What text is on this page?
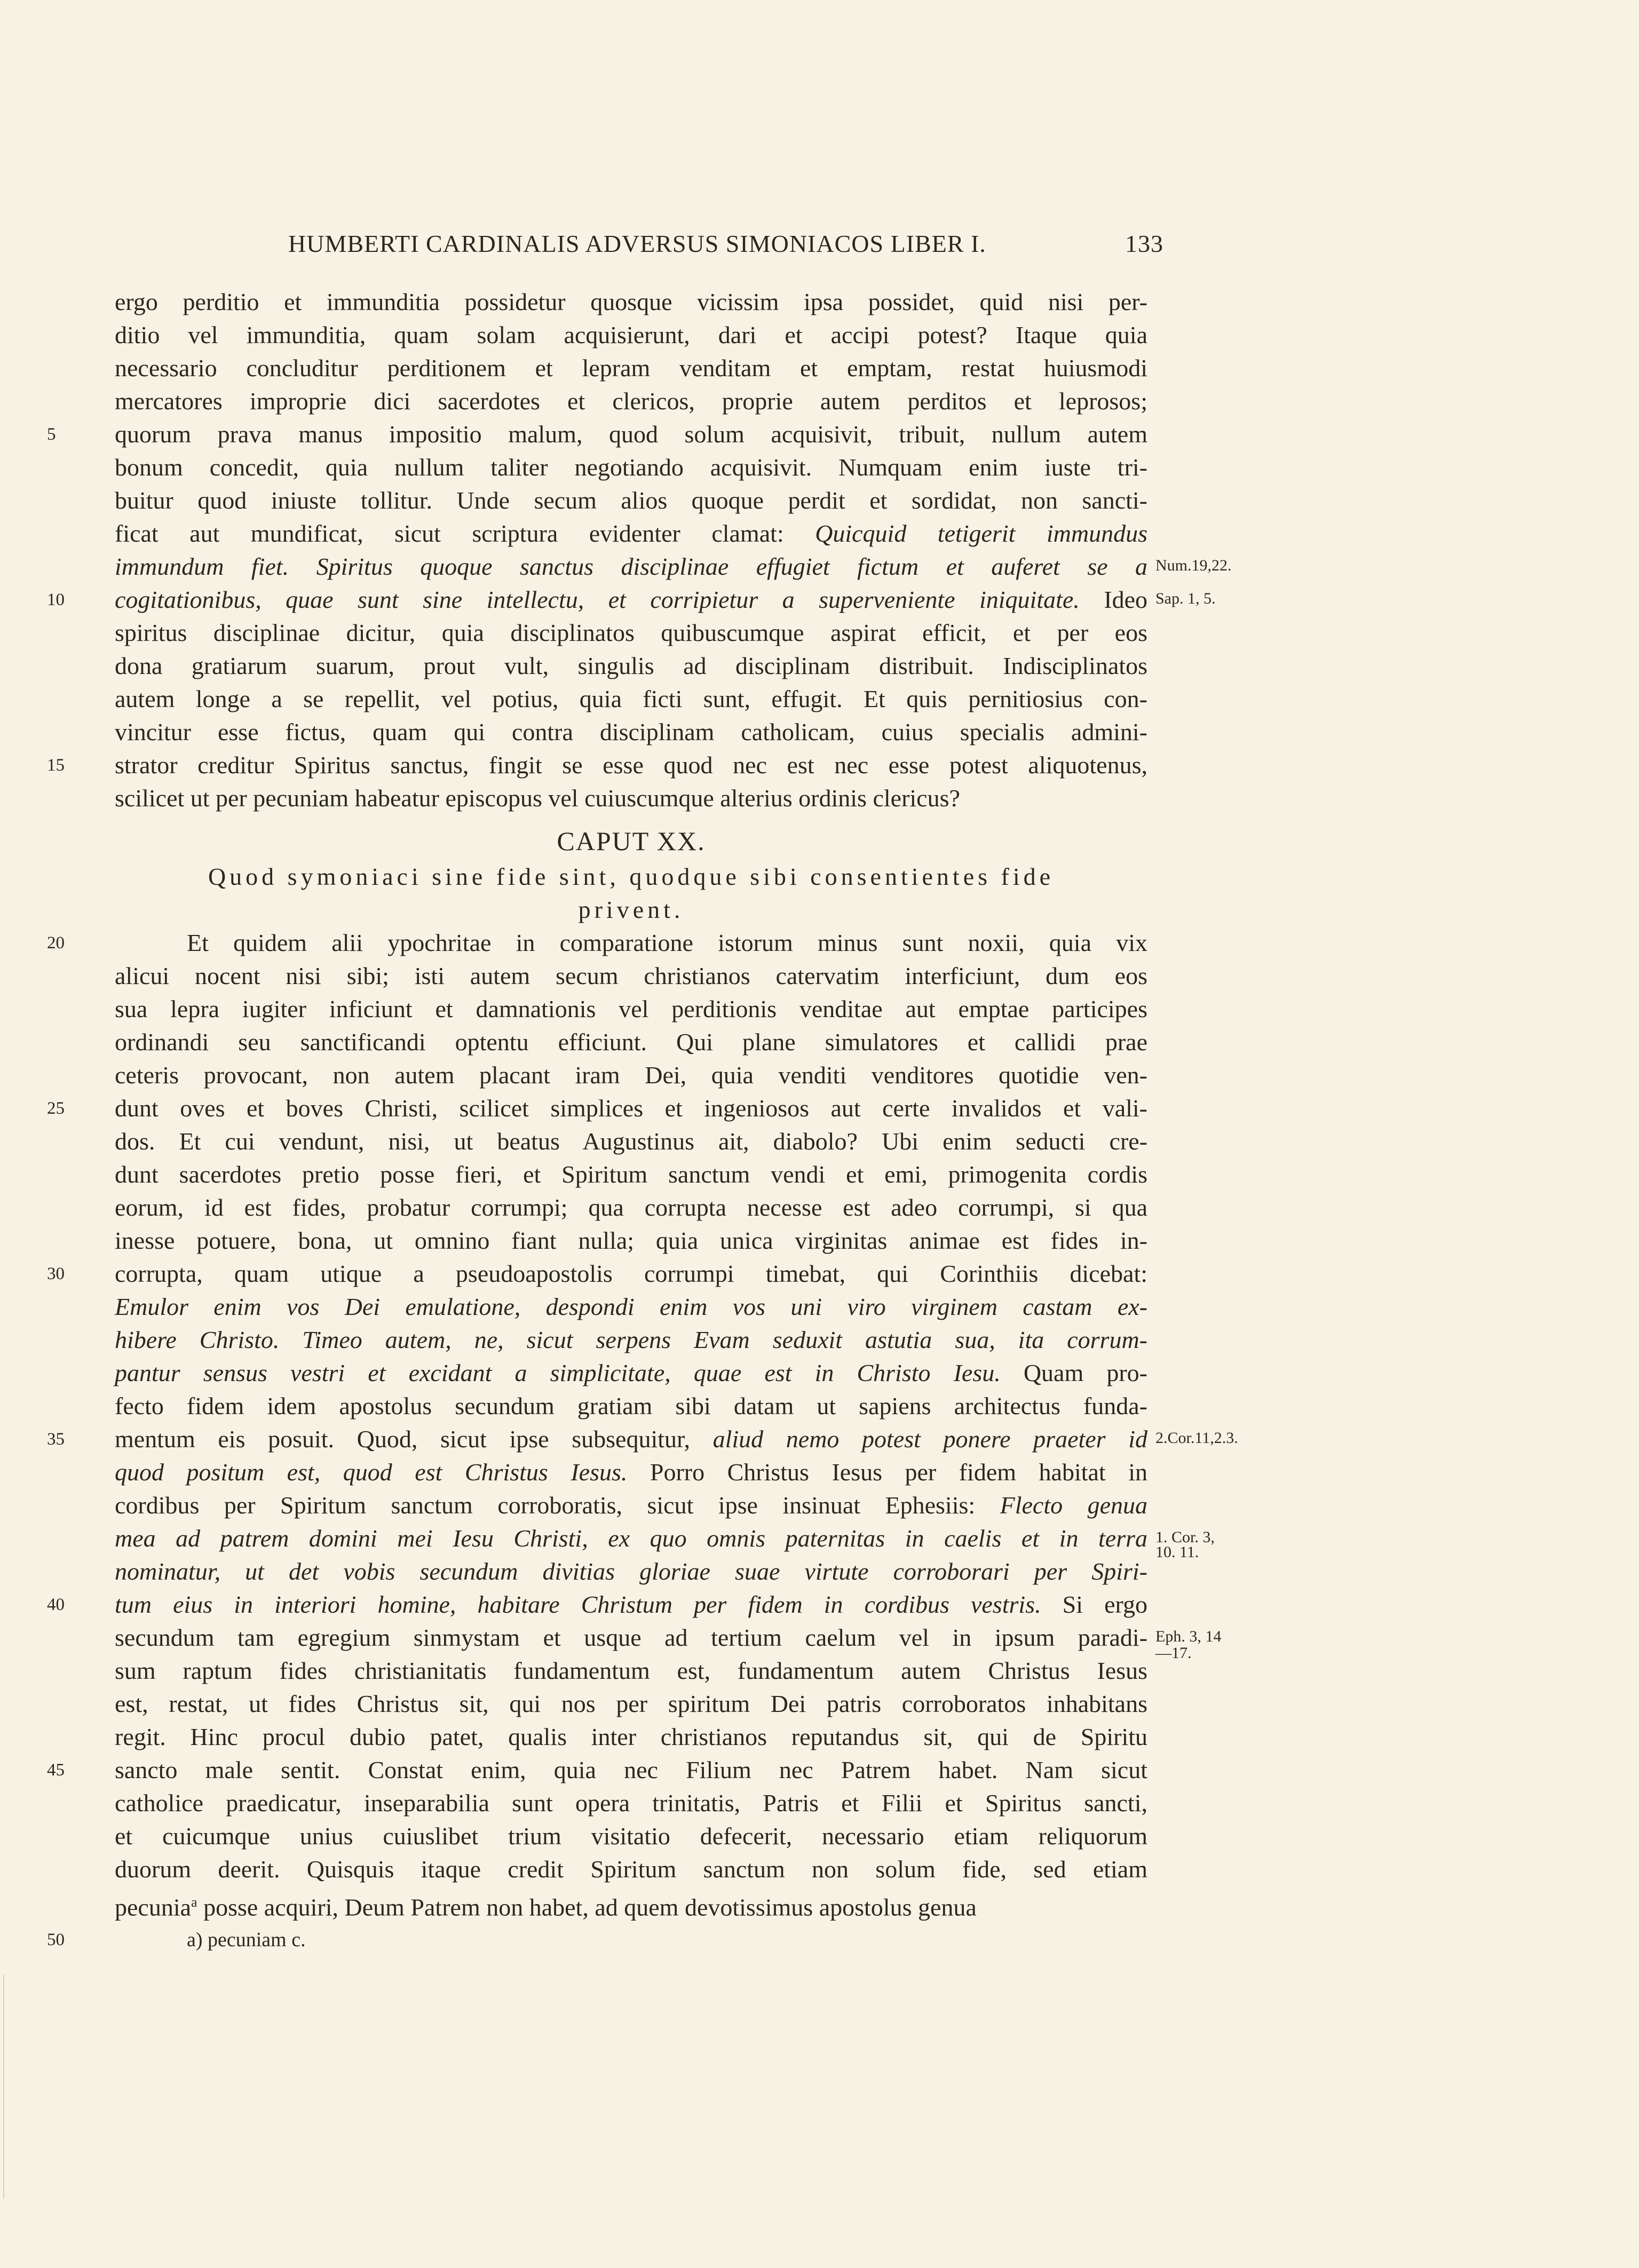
HUMBERTI CARDINALIS ADVERSUS SIMONIACOS LIBER I.	133
ergo perditio et immunditia possidetur quosque vicissim ipsa possidet, quid nisi per-
ditio vel immunditia, quam solam acquisierunt, dari et accipi potest? Itaque quia
necessario concluditur perditionem et lepram venditam et emptam, restat huiusmodi
mercatores improprie dici sacerdotes et clericos, proprie autem perditos et leprosos;
quorum prava manus impositio malum, quod solum acquisivit, tribuit, nullum autem
5
bonum concedit, quia nullum taliter negotiando acquisivit. Numquam enim iuste tri-
buitur quod iniuste tollitur. Unde secum alios quoque perdit et sordidat, non sancti-
ficat aut mundificat, sicut scriptura evidenter clamat: Quicquid tetigerit immundus
immundum fiet. Spiritus quoque sanctus disciplinae effugiet fictum et auferet se a
cogitationibus, quae sunt sine intellectu, et corripietur a superveniente iniquitate. Ideo
10
spiritus disciplinae dicitur, quia disciplinatos quibuscumque aspirat efficit, et per eos
dona gratiarum suarum, prout vult, singulis ad disciplinam distribuit. Indisciplinatos
autem longe a se repellit, vel potius, quia ficti sunt, effugit. Et quis pernitiosius con-
vincitur esse fictus, quam qui contra disciplinam catholicam, cuius specialis admini-
strator creditur Spiritus sanctus, fingit se esse quod nec est nec esse potest aliquotenus,
15
scilicet ut per pecuniam habeatur episcopus vel cuiuscumque alterius ordinis clericus?
CAPUT XX.
Quod symoniaci sine fide sint, quodque sibi consentientes fide
privent.
Et quidem alii ypochritae in comparatione istorum minus sunt noxii, quia vix
20
alicui nocent nisi sibi; isti autem secum christianos catervatim interficiunt, dum eos
sua lepra iugiter inficiunt et damnationis vel perditionis venditae aut emptae participes
ordinandi seu sanctificandi optentu efficiunt. Qui plane simulatores et callidi prae
ceteris provocant, non autem placant iram Dei, quia venditi venditores quotidie ven-
dunt oves et boves Christi, scilicet simplices et ingeniosos aut certe invalidos et vali-
25
dos. Et cui vendunt, nisi, ut beatus Augustinus ait, diabolo? Ubi enim seducti cre-
dunt sacerdotes pretio posse fieri, et Spiritum sanctum vendi et emi, primogenita cordis
eorum, id est fides, probatur corrumpi; qua corrupta necesse est adeo corrumpi, si qua
inesse potuere, bona, ut omnino fiant nulla; quia unica virginitas animae est fides in-
corrupta, quam utique a pseudoapostolis corrumpi timebat, qui Corinthiis dicebat:
30
Emulor enim vos Dei emulatione, despondi enim vos uni viro virginem castam ex-
hibere Christo. Timeo autem, ne, sicut serpens Evam seduxit astutia sua, ita corrum-
pantur sensus vestri et excidant a simplicitate, quae est in Christo Iesu. Quam pro-
fecto fidem idem apostolus secundum gratiam sibi datam ut sapiens architectus funda-
mentum eis posuit. Quod, sicut ipse subsequitur, aliud nemo potest ponere praeter id
35
quod positum est, quod est Christus Iesus. Porro Christus Iesus per fidem habitat in
cordibus per Spiritum sanctum corroboratis, sicut ipse insinuat Ephesiis: Flecto genua
mea ad patrem domini mei Iesu Christi, ex quo omnis paternitas in caelis et in terra
nominatur, ut det vobis secundum divitias gloriae suae virtute corroborari per Spiri-
tum eius in interiori homine, habitare Christum per fidem in cordibus vestris. Si ergo
40
secundum tam egregium sinmystam et usque ad tertium caelum vel in ipsum paradi-
sum raptum fides christianitatis fundamentum est, fundamentum autem Christus Iesus
est, restat, ut fides Christus sit, qui nos per spiritum Dei patris corroboratos inhabitans
regit. Hinc procul dubio patet, qualis inter christianos reputandus sit, qui de Spiritu
sancto male sentit. Constat enim, quia nec Filium nec Patrem habet. Nam sicut
45
catholice praedicatur, inseparabilia sunt opera trinitatis, Patris et Filii et Spiritus sancti,
et cuicumque unius cuiuslibet trium visitatio defecerit, necessario etiam reliquorum
duorum deerit. Quisquis itaque credit Spiritum sanctum non solum fide, sed etiam
pecunia$^a$ posse acquiri, Deum Patrem non habet, ad quem devotissimus apostolus genua
Num.19,22.
Sap. 1, 5.
2.Cor.11,2.3.
1. Cor. 3,
10. 11.
Eph. 3, 14
—17.
50	a) pecuniam c.
